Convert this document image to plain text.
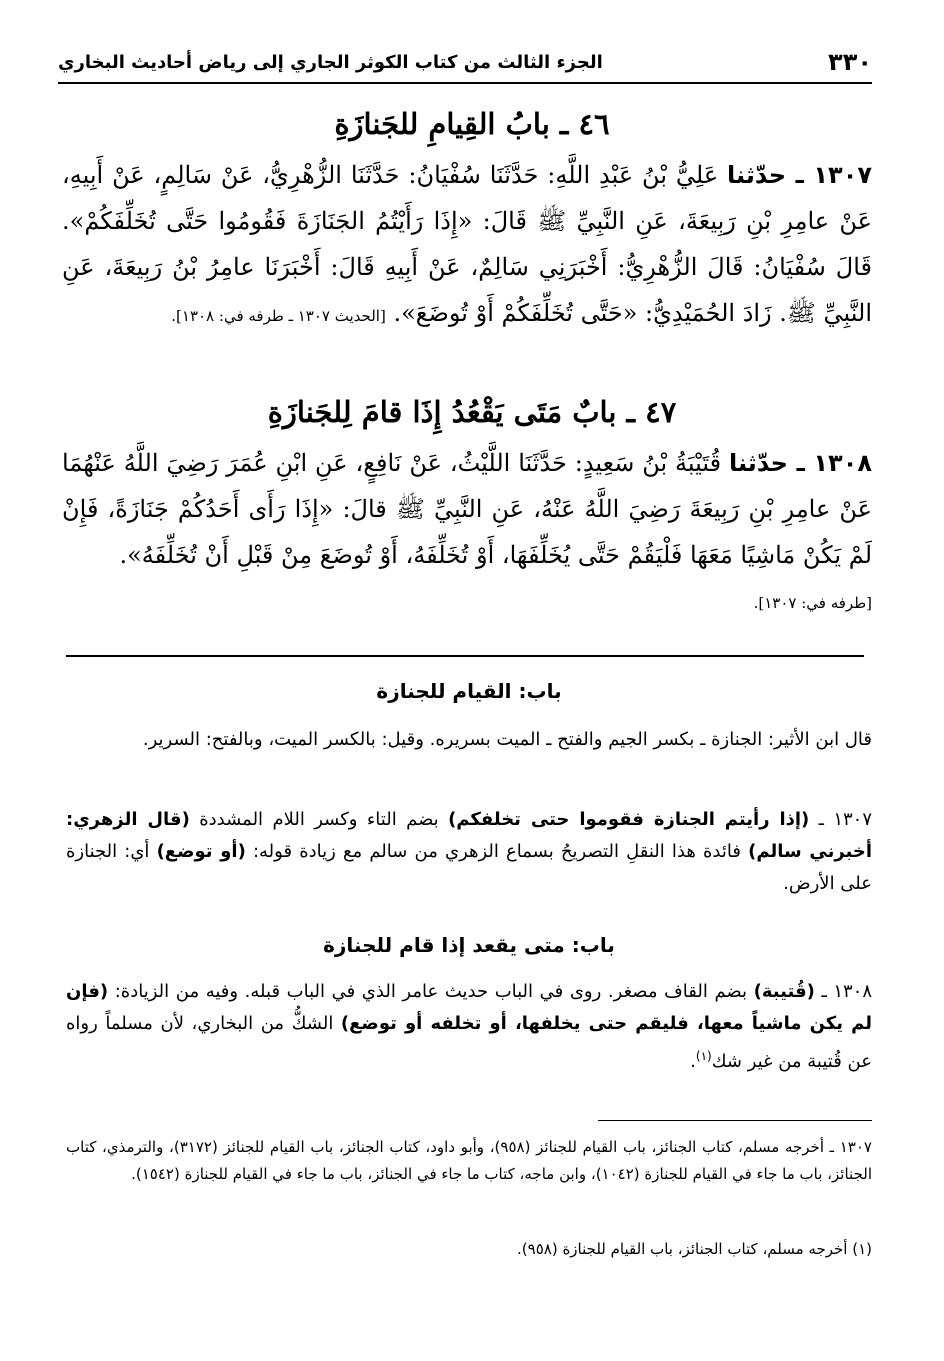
٣٣٠
الجزء الثالث من كتاب الكوثر الجاري إلى رياض أحاديث البخاري
٤٦ ـ بابُ القِيامِ للجَنازَةِ
١٣٠٧ ـ حدّثنا عَلِيُّ بْنُ عَبْدِ اللَّهِ: حَدَّثَنَا سُفْيَانُ: حَدَّثَنَا الزُّهْرِيُّ، عَنْ سَالِمٍ، عَنْ أَبِيهِ، عَنْ عامِرِ بْنِ رَبِيعَةَ، عَنِ النَّبِيِّ ﷺ قَالَ: «إِذَا رَأَيْتُمُ الجَنَازَةَ فَقُومُوا حَتَّى تُخَلِّفَكُمْ». قَالَ سُفْيَانُ: قَالَ الزُّهْرِيُّ: أَخْبَرَنِي سَالِمٌ، عَنْ أَبِيهِ قَالَ: أَخْبَرَنَا عامِرُ بْنُ رَبِيعَةَ، عَنِ النَّبِيِّ ﷺ. زَادَ الحُمَيْدِيُّ: «حَتَّى تُخَلِّفَكُمْ أَوْ تُوضَعَ». [الحديث ١٣٠٧ ـ طرفه في: ١٣٠٨].
٤٧ ـ بابٌ مَتَى يَقْعُدُ إِذَا قامَ لِلجَنازَةِ
١٣٠٨ ـ حدّثنا قُتَيْبَةُ بْنُ سَعِيدٍ: حَدَّثَنَا اللَّيْثُ، عَنْ نَافِعٍ، عَنِ ابْنِ عُمَرَ رَضِيَ اللَّهُ عَنْهُمَا عَنْ عامِرِ بْنِ رَبِيعَةَ رَضِيَ اللَّهُ عَنْهُ، عَنِ النَّبِيِّ ﷺ قالَ: «إِذَا رَأَى أَحَدُكُمْ جَنَازَةً، فَإِنْ لَمْ يَكُنْ مَاشِيًا مَعَهَا فَلْيَقُمْ حَتَّى يُخَلِّفَهَا، أَوْ تُخَلِّفَهُ، أَوْ تُوضَعَ مِنْ قَبْلِ أَنْ تُخَلِّفَهُ».
[طرفه في: ١٣٠٧].
باب: القيام للجنازة
قال ابن الأثير: الجنازة ـ بكسر الجيم والفتح ـ الميت بسريره. وقيل: بالكسر الميت، وبالفتح: السرير.
١٣٠٧ ـ (إذا رأيتم الجنازة فقوموا حتى تخلفكم) بضم التاء وكسر اللام المشددة (قال الزهري: أخبرني سالم) فائدة هذا النقلِ التصريحُ بسماع الزهري من سالم مع زيادة قوله: (أو توضع) أي: الجنازة على الأرض.
باب: متى يقعد إذا قام للجنازة
١٣٠٨ ـ (قُتيبة) بضم القاف مصغر. روى في الباب حديث عامر الذي في الباب قبله. وفيه من الزيادة: (فإن لم يكن ماشياً معها، فليقم حتى يخلفها، أو تخلفه أو توضع) الشكُّ من البخاري، لأن مسلماً رواه عن قُتيبة من غير شك$^{(١)}$.
١٣٠٧ ـ أخرجه مسلم، كتاب الجنائز، باب القيام للجنائز (٩٥٨)، وأبو داود، كتاب الجنائز، باب القيام للجنائز (٣١٧٢)، والترمذي، كتاب الجنائز، باب ما جاء في القيام للجنازة (١٠٤٢)، وابن ماجه، كتاب ما جاء في الجنائز، باب ما جاء في القيام للجنازة (١٥٤٢).
(١) أخرجه مسلم، كتاب الجنائز، باب القيام للجنازة (٩٥٨).
